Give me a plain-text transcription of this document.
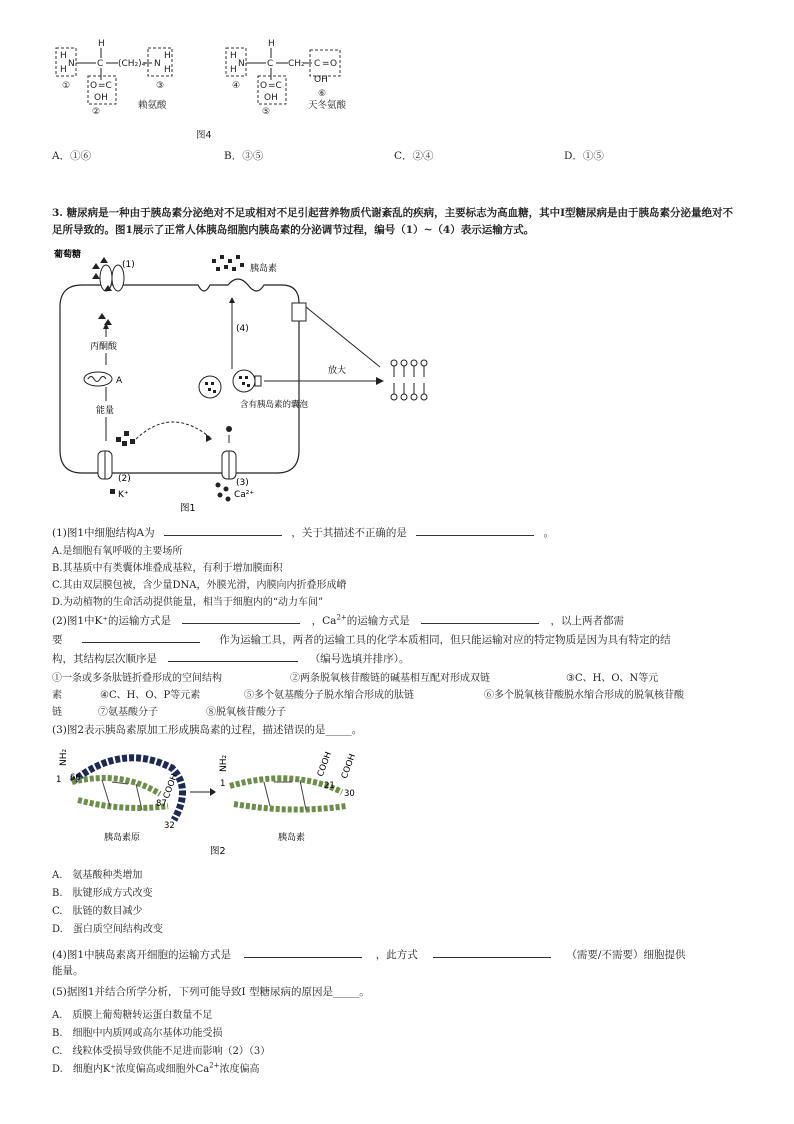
H
H
N
H
C (CH₂)₄ N
H
H
O =C
OH
①
②
③
赖氨酸
H
H
N
H
C CH₂ C = O
OH
O =C
OH
④
⑤
⑥
天冬氨酸
图4
A．①⑥	B．③⑤	C．②④	D．①⑤
3. 糖尿病是一种由于胰岛素分泌绝对不足或相对不足引起营养物质代谢紊乱的疾病，主要标志为高血糖，其中Ⅰ型糖尿病是由于胰岛素分泌量绝对不足所导致的。图1展示了正常人体胰岛细胞内胰岛素的分泌调节过程，编号（1）~（4）表示运输方式。
(1)
葡萄糖
丙酮酸
A
能量
(2)
K⁺
(3)
Ca²⁺
胰岛素
(4)
含有胰岛素的囊泡
放大
图1
(1)图1中细胞结构A为	，关于其描述不正确的是	。
A.是细胞有氧呼吸的主要场所
B.其基质中有类囊体堆叠成基粒，有利于增加膜面积
C.其由双层膜包被，含少量DNA，外膜光滑，内膜向内折叠形成嵴
D.为动植物的生命活动提供能量，相当于细胞内的“动力车间”
(2)图1中K⁺的运输方式是	，$Ca^{2+}$的运输方式是	，以上两者都需
要	作为运输工具，两者的运输工具的化学本质相同，但只能运输对应的特定物质是因为具有特定的结
构，其结构层次顺序是	（编号选填并排序）。
①一条或多条肽链折叠形成的空间结构	②两条脱氧核苷酸链的碱基相互配对形成双链	③C、H、O、N等元
素	④C、H、O、P等元素	⑤多个氨基酸分子脱水缩合形成的肽链	⑥多个脱氧核苷酸脱水缩合形成的脱氧核苷酸
链	⑦氨基酸分子	⑧脱氧核苷酸分子
(3)图2表示胰岛素原加工形成胰岛素的过程，描述错误的是_____。
NH₂
1 66
87
COOH
32
胰岛素原
NH₂
1	21
30
COOH COOH
胰岛素
图2
A.　氨基酸种类增加
B.　肽键形成方式改变
C.　肽链的数目减少
D.　蛋白质空间结构改变
(4)图1中胰岛素离开细胞的运输方式是	，此方式	（需要/不需要）细胞提供
能量。
(5)据图1并结合所学分析，下列可能导致Ⅰ 型糖尿病的原因是_____。
A.　质膜上葡萄糖转运蛋白数量不足
B.　细胞中内质网或高尔基体功能受损
C.　线粒体受损导致供能不足进而影响（2）（3）
D.　细胞内K⁺浓度偏高或细胞外$Ca^{2+}$浓度偏高
